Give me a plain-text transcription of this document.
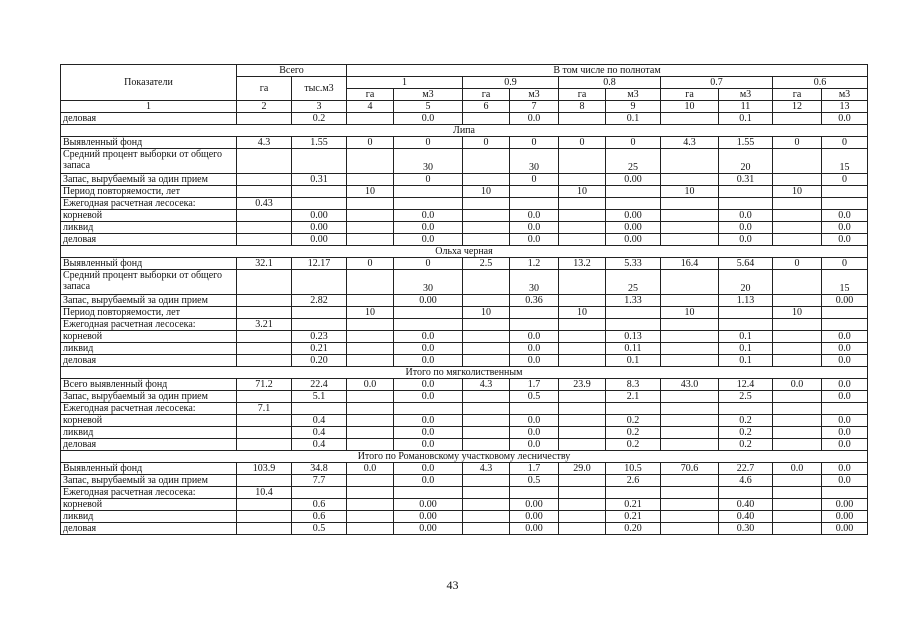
Показатели	Всего		В том числе по полнотам									
	га	тыс.м3	1		0.9		0.8		0.7		0.6	
			га	м3	га	м3	га	м3	га	м3	га	м3
1	2	3	4	5	6	7	8	9	10	11	12	13
деловая		0.2		0.0		0.0		0.1		0.1		0.0
Липа												
Выявленный фонд	4.3	1.55	0	0	0	0	0	0	4.3	1.55	0	0
Средний процент выборки от общего запаса				30		30		25		20		15
Запас, вырубаемый за один прием		0.31		0		0		0.00		0.31		0
Период повторяемости, лет			10		10		10		10		10	
Ежегодная расчетная лесосека:	0.43											
корневой		0.00		0.0		0.0		0.00		0.0		0.0
ликвид		0.00		0.0		0.0		0.00		0.0		0.0
деловая		0.00		0.0		0.0		0.00		0.0		0.0
Ольха черная												
Выявленный фонд	32.1	12.17	0	0	2.5	1.2	13.2	5.33	16.4	5.64	0	0
Средний процент выборки от общего запаса				30		30		25		20		15
Запас, вырубаемый за один прием		2.82		0.00		0.36		1.33		1.13		0.00
Период повторяемости, лет			10		10		10		10		10	
Ежегодная расчетная лесосека:	3.21											
корневой		0.23		0.0		0.0		0.13		0.1		0.0
ликвид		0.21		0.0		0.0		0.11		0.1		0.0
деловая		0.20		0.0		0.0		0.1		0.1		0.0
Итого по мягколиственным												
Всего выявленный фонд	71.2	22.4	0.0	0.0	4.3	1.7	23.9	8.3	43.0	12.4	0.0	0.0
Запас, вырубаемый за один прием		5.1		0.0		0.5		2.1		2.5		0.0
Ежегодная расчетная лесосека:	7.1											
корневой		0.4		0.0		0.0		0.2		0.2		0.0
ликвид		0.4		0.0		0.0		0.2		0.2		0.0
деловая		0.4		0.0		0.0		0.2		0.2		0.0
Итого по Романовскому участковому лесничеству												
Выявленный фонд	103.9	34.8	0.0	0.0	4.3	1.7	29.0	10.5	70.6	22.7	0.0	0.0
Запас, вырубаемый за один прием		7.7		0.0		0.5		2.6		4.6		0.0
Ежегодная расчетная лесосека:	10.4											
корневой		0.6		0.00		0.00		0.21		0.40		0.00
ликвид		0.6		0.00		0.00		0.21		0.40		0.00
деловая		0.5		0.00		0.00		0.20		0.30		0.00
43
